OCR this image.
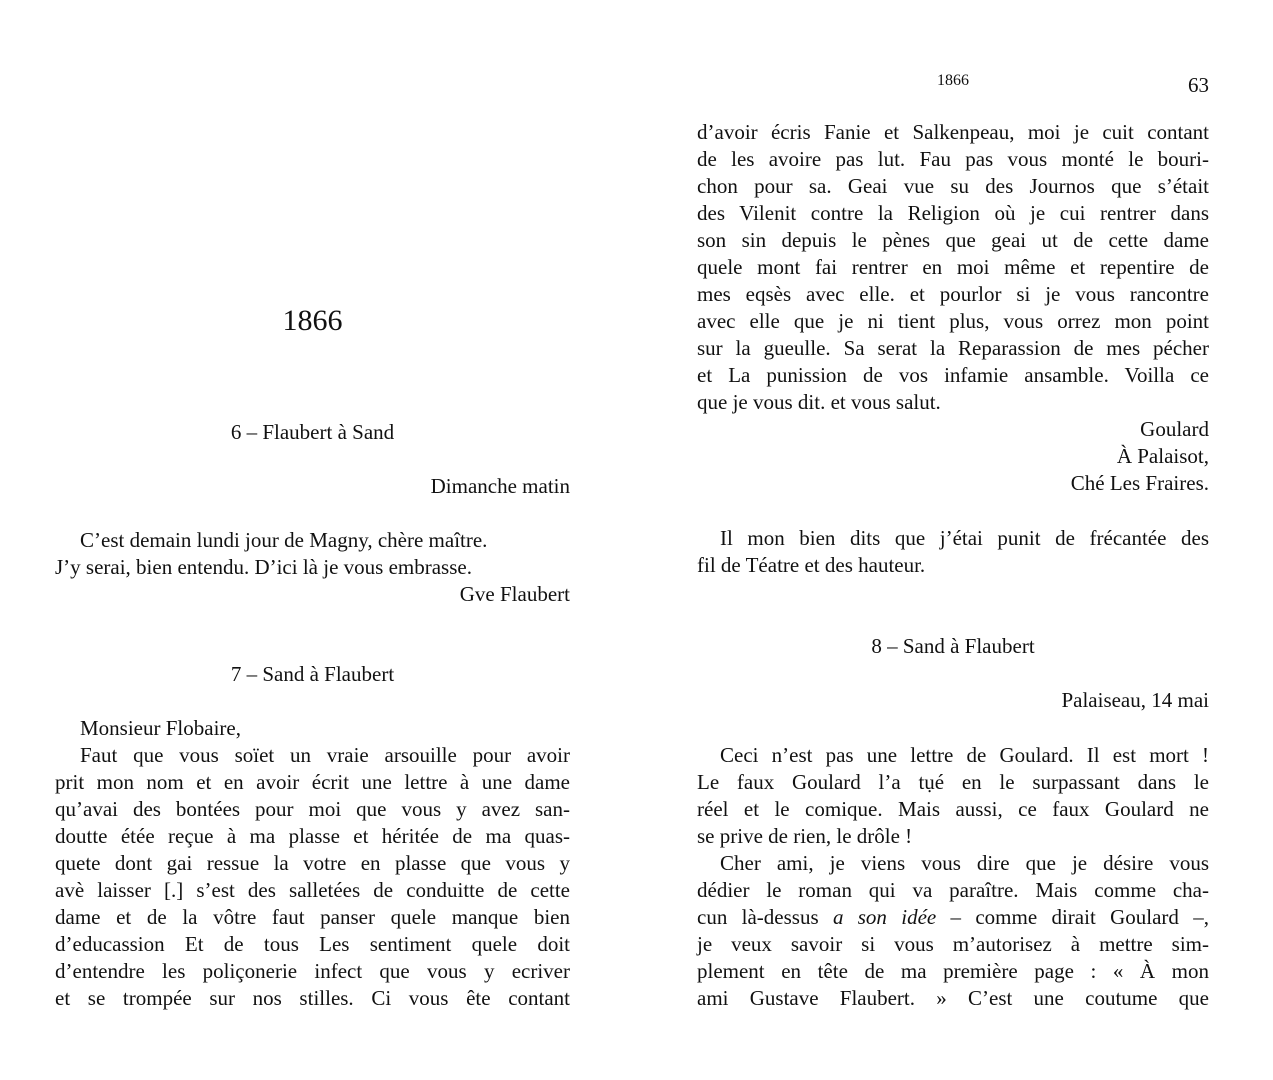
1866
6 – Flaubert à Sand
Dimanche matin
C’est demain lundi jour de Magny, chère maître.
J’y serai, bien entendu. D’ici là je vous embrasse.
Gve Flaubert
7 – Sand à Flaubert
Monsieur Flobaire,
Faut que vous soïet un vraie arsouille pour avoir
prit mon nom et en avoir écrit une lettre à une dame
qu’avai des bontées pour moi que vous y avez san-
doutte étée reçue à ma plasse et héritée de ma quas-
quete dont gai ressue la votre en plasse que vous y
avè laisser [.] s’est des salletées de conduitte de cette
dame et de la vôtre faut panser quele manque bien
d’educassion Et de tous Les sentiment quele doit
d’entendre les poliçonerie infect que vous y ecriver
et se trompée sur nos stilles. Ci vous ête contant
1866	63
d’avoir écris Fanie et Salkenpeau, moi je cuit contant
de les avoire pas lut. Fau pas vous monté le bouri-
chon pour sa. Geai vue su des Journos que s’était
des Vilenit contre la Religion où je cui rentrer dans
son sin depuis le pènes que geai ut de cette dame
quele mont fai rentrer en moi même et repentire de
mes eqsès avec elle. et pourlor si je vous rancontre
avec elle que je ni tient plus, vous orrez mon point
sur la gueulle. Sa serat la Reparassion de mes pécher
et La punission de vos infamie ansamble. Voilla ce
que je vous dit. et vous salut.
Goulard
À Palaisot,
Ché Les Fraires.
Il mon bien dits que j’étai punit de frécantée des
fil de Téatre et des hauteur.
8 – Sand à Flaubert
Palaiseau, 14 mai
Ceci n’est pas une lettre de Goulard. Il est mort !
Le faux Goulard l’a tụé en le surpassant dans le
réel et le comique. Mais aussi, ce faux Goulard ne
se prive de rien, le drôle !
Cher ami, je viens vous dire que je désire vous
dédier le roman qui va paraître. Mais comme cha-
cun là-dessus a son idée – comme dirait Goulard –,
je veux savoir si vous m’autorisez à mettre sim-
plement en tête de ma première page : « À mon
ami Gustave Flaubert. » C’est une coutume que
